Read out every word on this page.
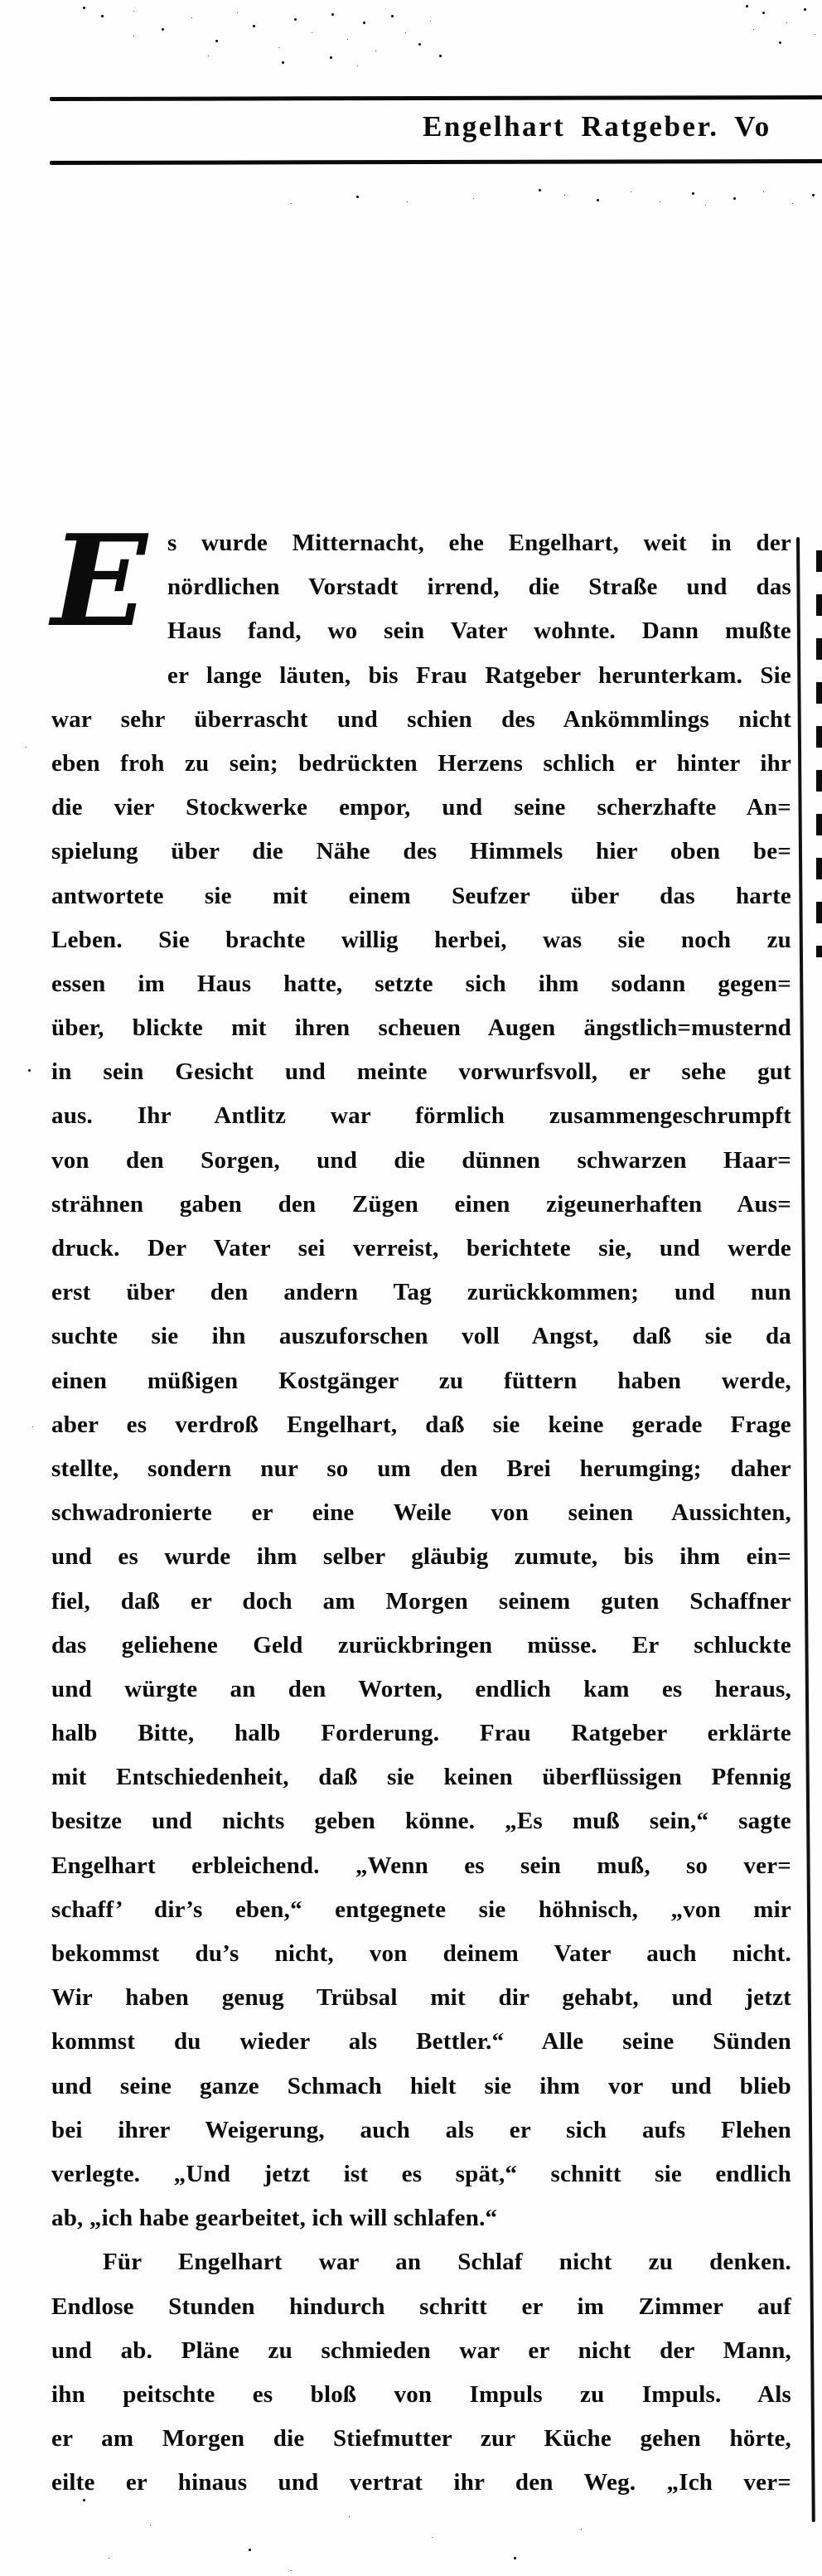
Engelhart Ratgeber. Vo
E s wurde Mitternacht, ehe Engelhart, weit in der
nördlichen Vorstadt irrend, die Straße und das
Haus fand, wo sein Vater wohnte. Dann mußte
er lange läuten, bis Frau Ratgeber herunterkam. Sie
war sehr überrascht und schien des Ankömmlings nicht
eben froh zu sein; bedrückten Herzens schlich er hinter ihr
die vier Stockwerke empor, und seine scherzhafte An=
spielung über die Nähe des Himmels hier oben be=
antwortete sie mit einem Seufzer über das harte
Leben. Sie brachte willig herbei, was sie noch zu
essen im Haus hatte, setzte sich ihm sodann gegen=
über, blickte mit ihren scheuen Augen ängstlich=musternd
in sein Gesicht und meinte vorwurfsvoll, er sehe gut
aus. Ihr Antlitz war förmlich zusammengeschrumpft
von den Sorgen, und die dünnen schwarzen Haar=
strähnen gaben den Zügen einen zigeunerhaften Aus=
druck. Der Vater sei verreist, berichtete sie, und werde
erst über den andern Tag zurückkommen; und nun
suchte sie ihn auszuforschen voll Angst, daß sie da
einen müßigen Kostgänger zu füttern haben werde,
aber es verdroß Engelhart, daß sie keine gerade Frage
stellte, sondern nur so um den Brei herumging; daher
schwadronierte er eine Weile von seinen Aussichten,
und es wurde ihm selber gläubig zumute, bis ihm ein=
fiel, daß er doch am Morgen seinem guten Schaffner
das geliehene Geld zurückbringen müsse. Er schluckte
und würgte an den Worten, endlich kam es heraus,
halb Bitte, halb Forderung. Frau Ratgeber erklärte
mit Entschiedenheit, daß sie keinen überflüssigen Pfennig
besitze und nichts geben könne. „Es muß sein,“ sagte
Engelhart erbleichend. „Wenn es sein muß, so ver=
schaff’ dir’s eben,“ entgegnete sie höhnisch, „von mir
bekommst du’s nicht, von deinem Vater auch nicht.
Wir haben genug Trübsal mit dir gehabt, und jetzt
kommst du wieder als Bettler.“ Alle seine Sünden
und seine ganze Schmach hielt sie ihm vor und blieb
bei ihrer Weigerung, auch als er sich aufs Flehen
verlegte. „Und jetzt ist es spät,“ schnitt sie endlich
ab, „ich habe gearbeitet, ich will schlafen.“
Für Engelhart war an Schlaf nicht zu denken.
Endlose Stunden hindurch schritt er im Zimmer auf
und ab. Pläne zu schmieden war er nicht der Mann,
ihn peitschte es bloß von Impuls zu Impuls. Als
er am Morgen die Stiefmutter zur Küche gehen hörte,
eilte er hinaus und vertrat ihr den Weg. „Ich ver=
